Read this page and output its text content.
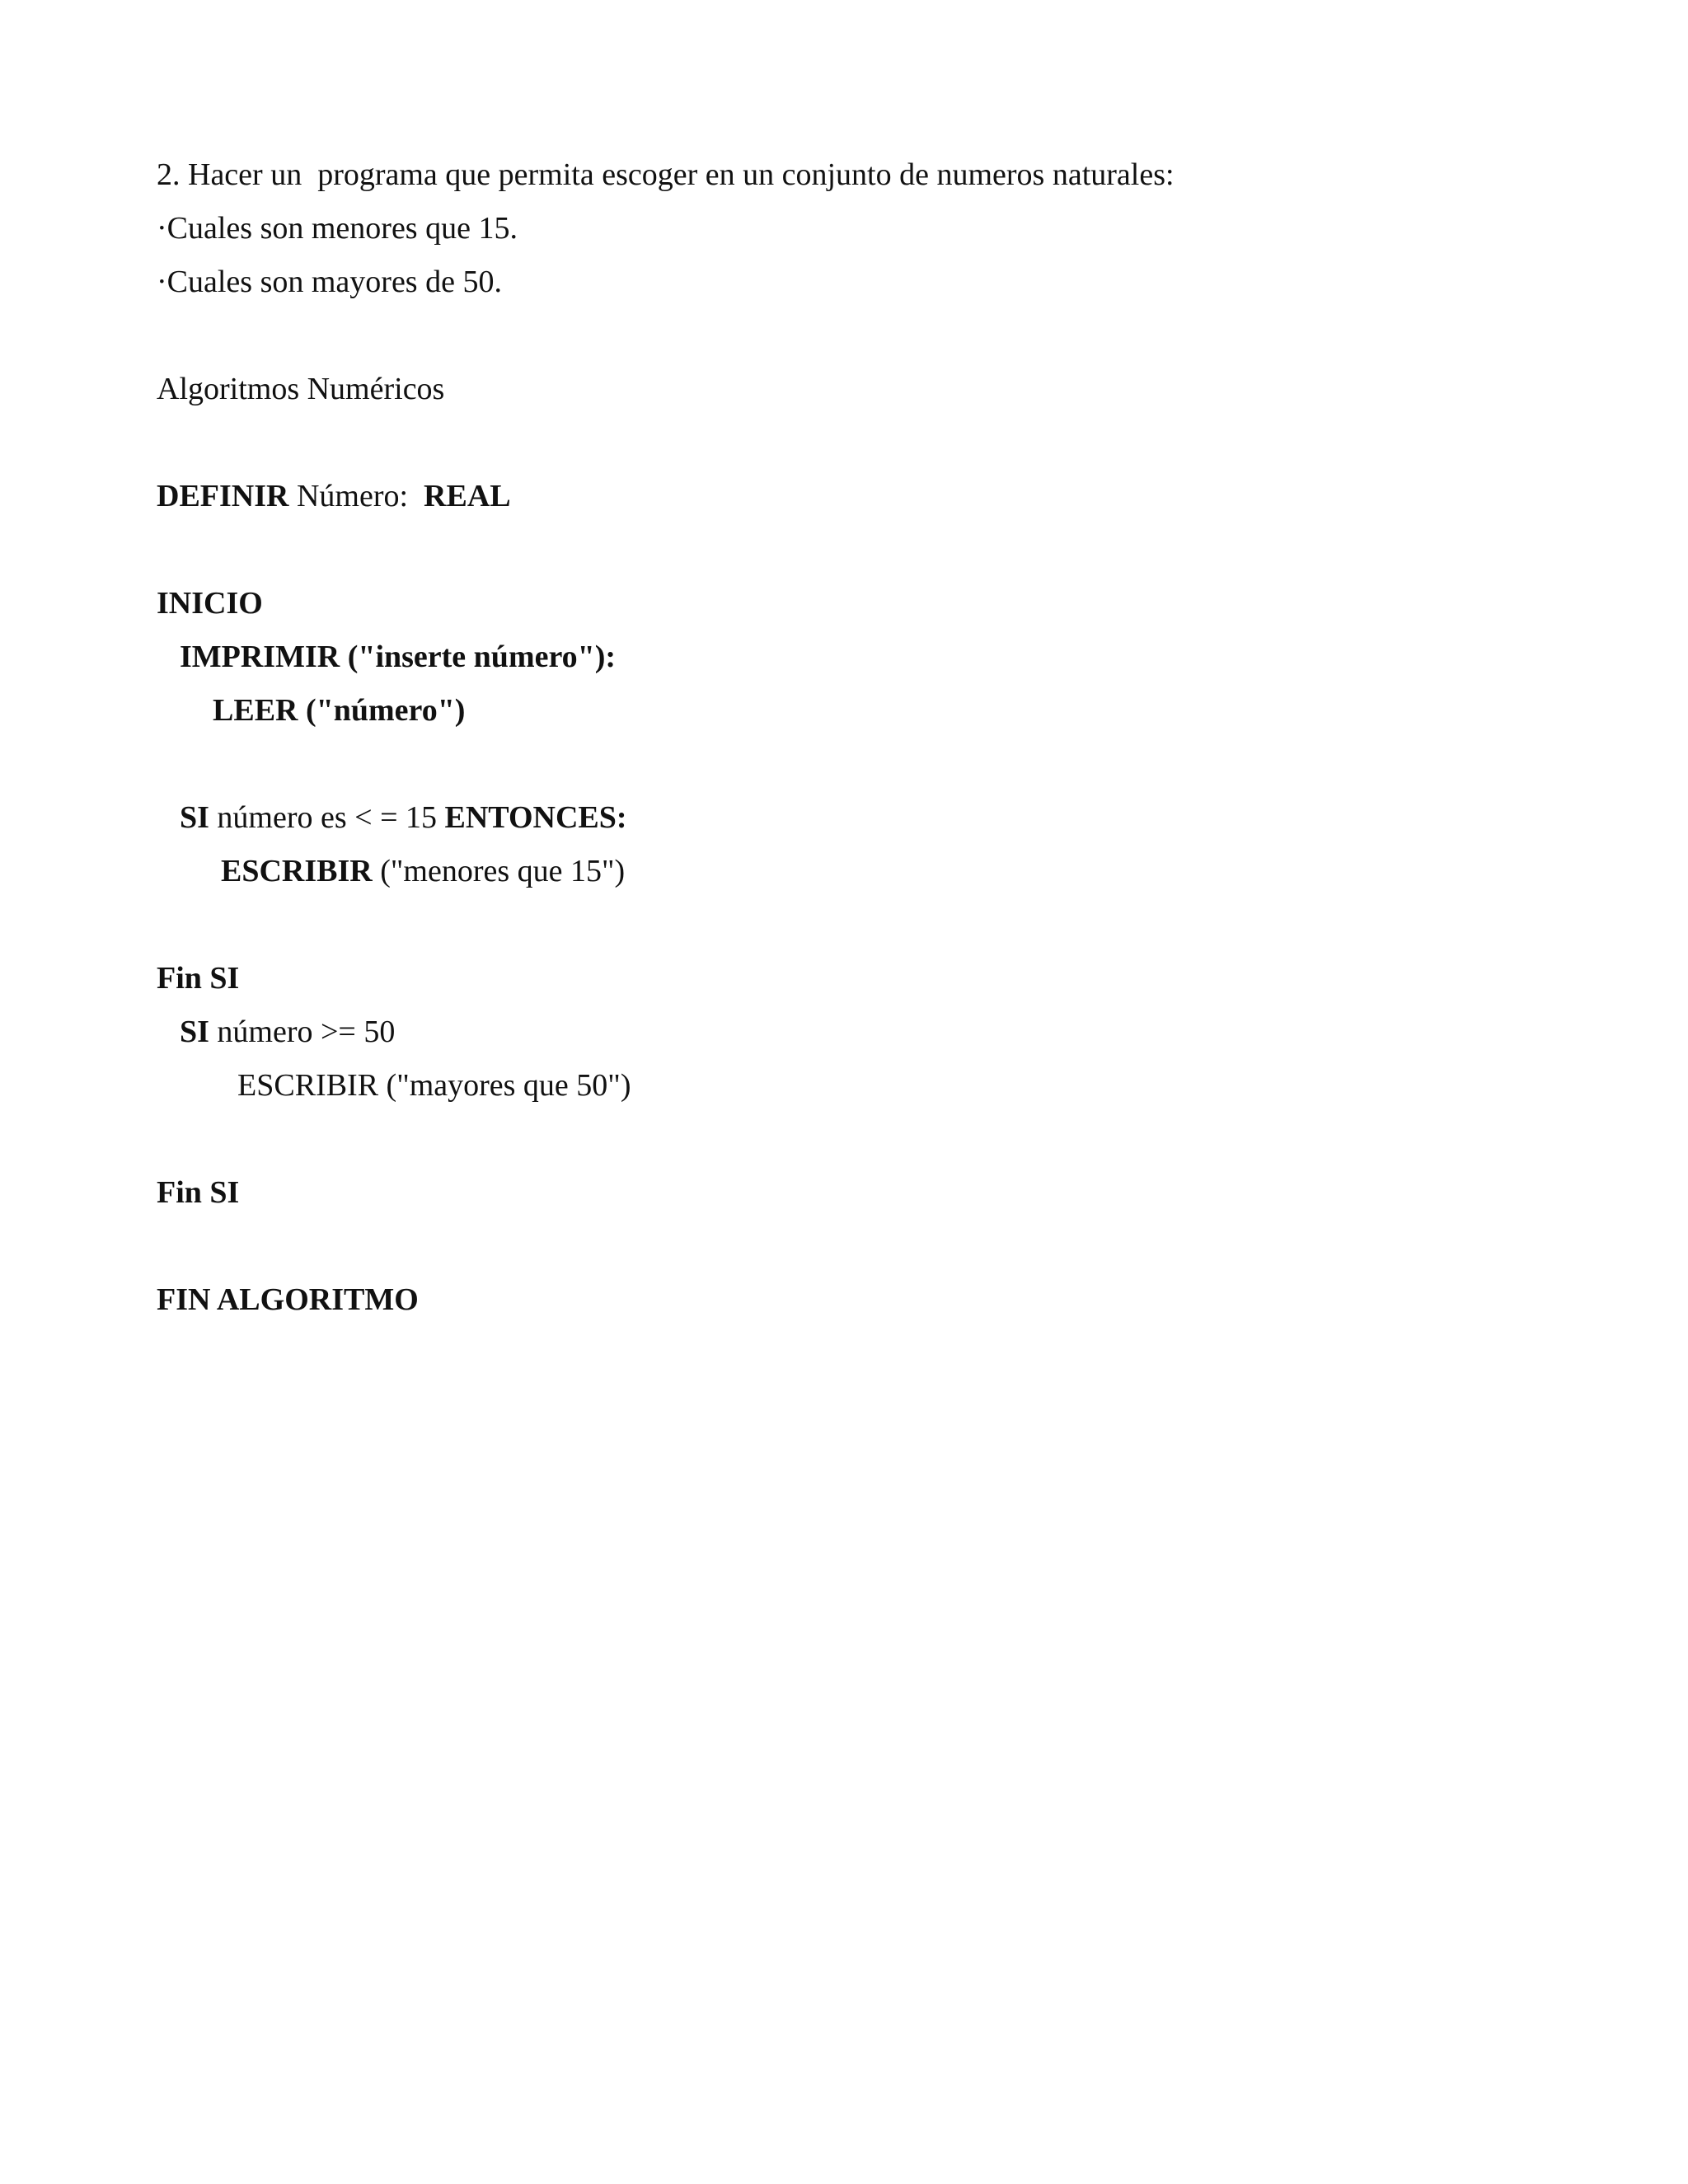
2. Hacer un  programa que permita escoger en un conjunto de numeros naturales:
·Cuales son menores que 15.
·Cuales son mayores de 50.
Algoritmos Numéricos
DEFINIR Número:  REAL
INICIO
IMPRIMIR ("inserte número"):
LEER ("número")
SI número es < = 15 ENTONCES:
ESCRIBIR ("menores que 15")
Fin SI
SI número >= 50
ESCRIBIR ("mayores que 50")
Fin SI
FIN ALGORITMO
